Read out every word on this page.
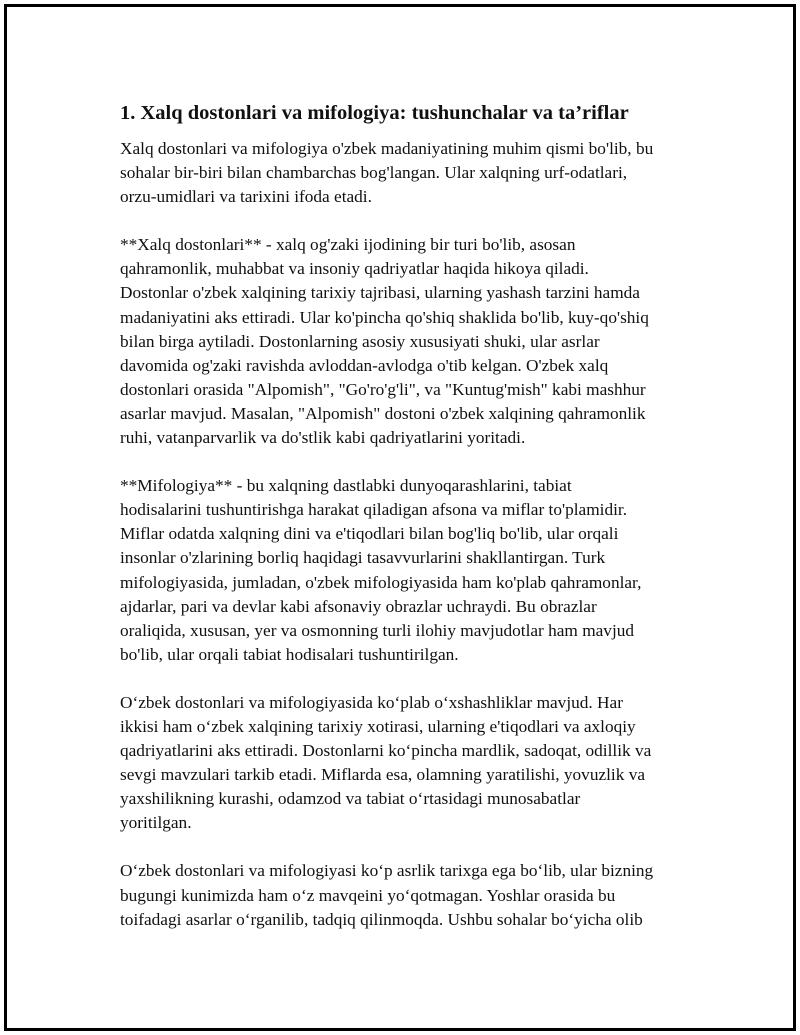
1. Xalq dostonlari va mifologiya: tushunchalar va ta’riflar

Xalq dostonlari va mifologiya o'zbek madaniyatining muhim qismi bo'lib, bu
sohalar bir-biri bilan chambarchas bog'langan. Ular xalqning urf-odatlari,
orzu-umidlari va tarixini ifoda etadi.

**Xalq dostonlari** - xalq og'zaki ijodining bir turi bo'lib, asosan
qahramonlik, muhabbat va insoniy qadriyatlar haqida hikoya qiladi.
Dostonlar o'zbek xalqining tarixiy tajribasi, ularning yashash tarzini hamda
madaniyatini aks ettiradi. Ular ko'pincha qo'shiq shaklida bo'lib, kuy-qo'shiq
bilan birga aytiladi. Dostonlarning asosiy xususiyati shuki, ular asrlar
davomida og'zaki ravishda avloddan-avlodga o'tib kelgan. O'zbek xalq
dostonlari orasida "Alpomish", "Go'ro'g'li", va "Kuntug'mish" kabi mashhur
asarlar mavjud. Masalan, "Alpomish" dostoni o'zbek xalqining qahramonlik
ruhi, vatanparvarlik va do'stlik kabi qadriyatlarini yoritadi.

**Mifologiya** - bu xalqning dastlabki dunyoqarashlarini, tabiat
hodisalarini tushuntirishga harakat qiladigan afsona va miflar to'plamidir.
Miflar odatda xalqning dini va e'tiqodlari bilan bog'liq bo'lib, ular orqali
insonlar o'zlarining borliq haqidagi tasavvurlarini shakllantirgan. Turk
mifologiyasida, jumladan, o'zbek mifologiyasida ham ko'plab qahramonlar,
ajdarlar, pari va devlar kabi afsonaviy obrazlar uchraydi. Bu obrazlar
oraliqida, xususan, yer va osmonning turli ilohiy mavjudotlar ham mavjud
bo'lib, ular orqali tabiat hodisalari tushuntirilgan.

O‘zbek dostonlari va mifologiyasida ko‘plab o‘xshashliklar mavjud. Har
ikkisi ham o‘zbek xalqining tarixiy xotirasi, ularning e'tiqodlari va axloqiy
qadriyatlarini aks ettiradi. Dostonlarni ko‘pincha mardlik, sadoqat, odillik va
sevgi mavzulari tarkib etadi. Miflarda esa, olamning yaratilishi, yovuzlik va
yaxshilikning kurashi, odamzod va tabiat o‘rtasidagi munosabatlar
yoritilgan.

O‘zbek dostonlari va mifologiyasi ko‘p asrlik tarixga ega bo‘lib, ular bizning
bugungi kunimizda ham o‘z mavqeini yo‘qotmagan. Yoshlar orasida bu
toifadagi asarlar o‘rganilib, tadqiq qilinmoqda. Ushbu sohalar bo‘yicha olib
